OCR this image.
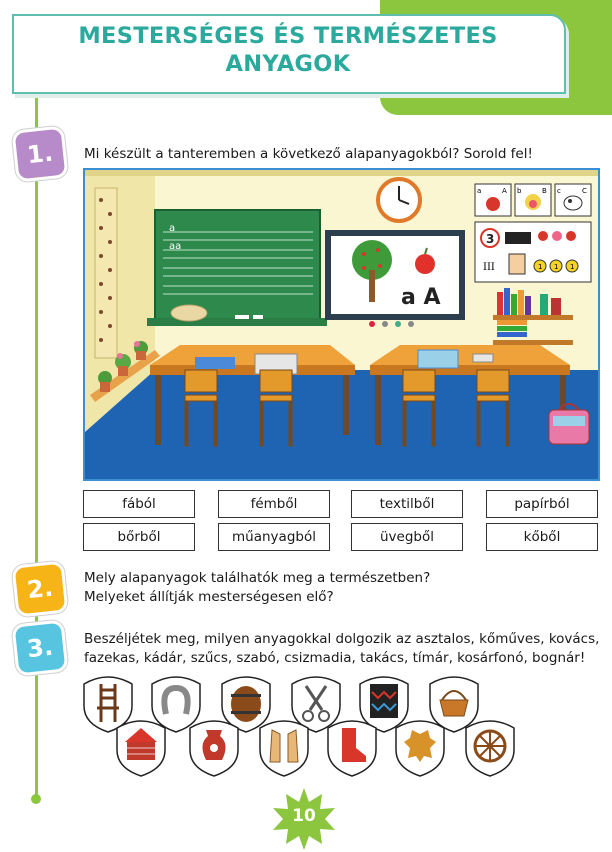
MESTERSÉGES ÉS TERMÉSZETES ANYAGOK
1.	Mi készült a tanteremben a következő alapanyagokból? Sorold fel!
a
aa
a A
a	A b	B c	C
3
III	1 1 1
fából	fémből	textilből	papírból
bőrből	műanyagból	üvegből	kőből
2.	Mely alapanyagok találhatók meg a természetben?
Melyeket állítják mesterségesen elő?
3.	Beszéljétek meg, milyen anyagokkal dolgozik az asztalos, kőműves, kovács,
fazekas, kádár, szűcs, szabó, csizmadia, takács, tímár, kosárfonó, bognár!
10
